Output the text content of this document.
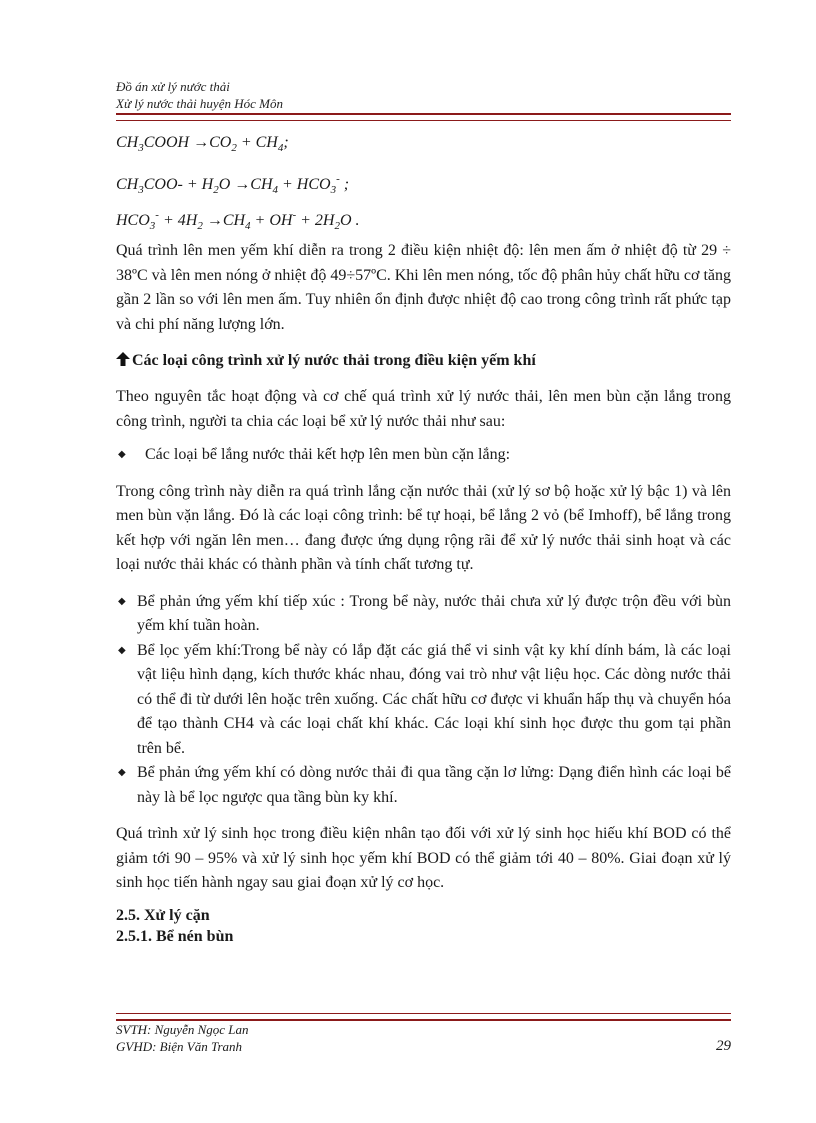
Đồ án xử lý nước thải
Xử lý nước thải huyện Hóc Môn
$CH_3COOH \to CO_2 + CH_4$;
$CH_3COO- + H_2O \to CH_4 + HCO_3^-$ ;
$HCO_3^- + 4H_2 \to CH_4 + OH^- + 2H_2O$ .

Quá trình lên men yếm khí diễn ra trong 2 điều kiện nhiệt độ: lên men ấm ở nhiệt độ từ 29 ÷ 38ºC và lên men nóng ở nhiệt độ 49÷57ºC. Khi lên men nóng, tốc độ phân hủy chất hữu cơ tăng gần 2 lần so với lên men ấm. Tuy nhiên ổn định được nhiệt độ cao trong công trình rất phức tạp và chi phí năng lượng lớn.

Các loại công trình xử lý nước thải trong điều kiện yếm khí

Theo nguyên tắc hoạt động và cơ chế quá trình xử lý nước thải, lên men bùn cặn lắng trong công trình, người ta chia các loại bể xử lý nước thải như sau:

◆ Các loại bể lắng nước thải kết hợp lên men bùn cặn lắng:

Trong công trình này diễn ra quá trình lắng cặn nước thải (xử lý sơ bộ hoặc xử lý bậc 1) và lên men bùn vặn lắng. Đó là các loại công trình: bể tự hoại, bể lắng 2 vỏ (bể Imhoff), bể lắng trong kết hợp với ngăn lên men… đang được ứng dụng rộng rãi để xử lý nước thải sinh hoạt và các loại nước thải khác có thành phần và tính chất tương tự.

◆ Bể phản ứng yếm khí tiếp xúc : Trong bể này, nước thải chưa xử lý được trộn đều với bùn yếm khí tuần hoàn.

◆ Bể lọc yếm khí:Trong bể này có lắp đặt các giá thể vi sinh vật ky khí dính bám, là các loại vật liệu hình dạng, kích thước khác nhau, đóng vai trò như vật liệu học. Các dòng nước thải có thể đi từ dưới lên hoặc trên xuống. Các chất hữu cơ được vi khuẩn hấp thụ và chuyển hóa để tạo thành CH4 và các loại chất khí khác. Các loại khí sinh học được thu gom tại phần trên bể.

◆ Bể phản ứng yếm khí có dòng nước thải đi qua tầng cặn lơ lửng: Dạng điển hình các loại bể này là bể lọc ngược qua tầng bùn ky khí.

Quá trình xử lý sinh học trong điều kiện nhân tạo đối với xử lý sinh học hiếu khí BOD có thể giảm tới 90 – 95% và xử lý sinh học yếm khí BOD có thể giảm tới 40 – 80%. Giai đoạn xử lý sinh học tiến hành ngay sau giai đoạn xử lý cơ học.

2.5. Xử lý cặn

2.5.1. Bể nén bùn

SVTH: Nguyễn Ngọc Lan
GVHD: Biện Văn Tranh	29
